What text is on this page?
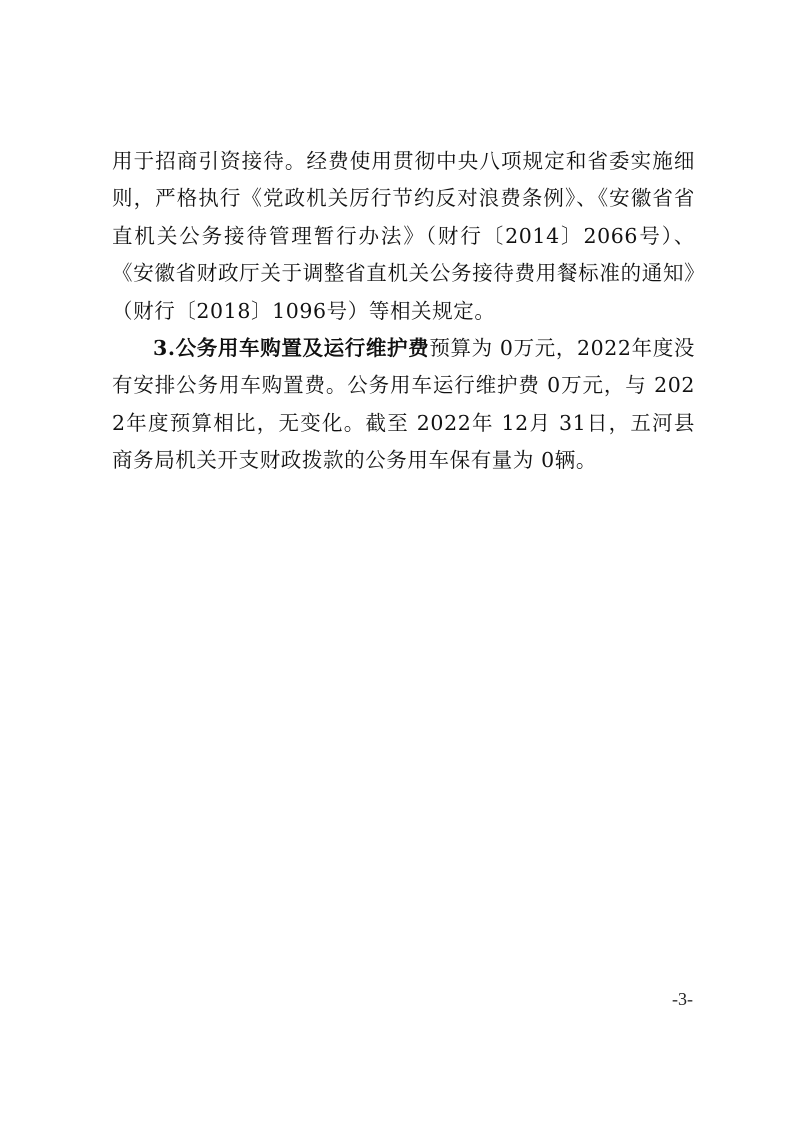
用于招商引资接待。经费使用贯彻中央八项规定和省委实施细则，严格执行《党政机关厉行节约反对浪费条例》、《安徽省省直机关公务接待管理暂行办法》（财行〔2014〕2066号）、《安徽省财政厅关于调整省直机关公务接待费用餐标准的通知》（财行〔2018〕1096号）等相关规定。

3.公务用车购置及运行维护费预算为 0万元，2022年度没有安排公务用车购置费。公务用车运行维护费 0万元，与 2022年度预算相比，无变化。截至 2022年 12月 31日，五河县商务局机关开支财政拨款的公务用车保有量为 0辆。

-3-
